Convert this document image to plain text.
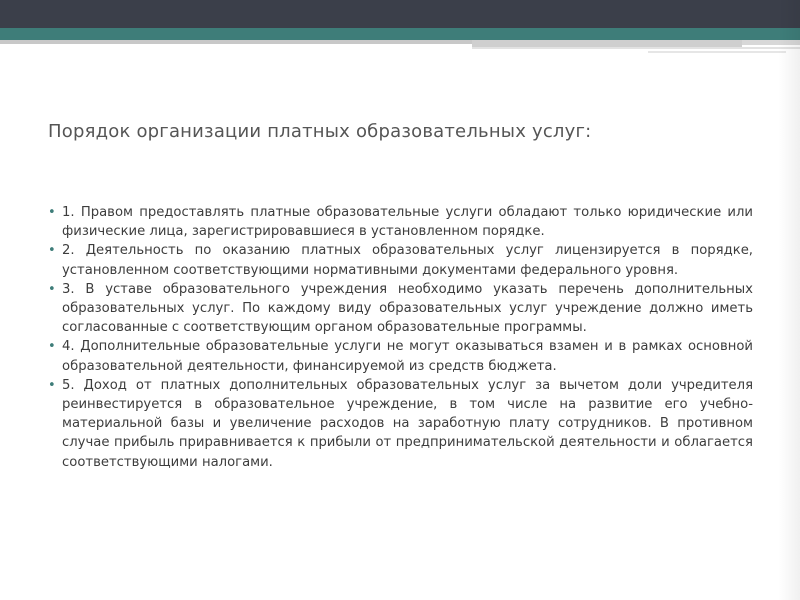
Порядок организации платных образовательных услуг:
• 1. Правом предоставлять платные образовательные услуги обладают только юридические или физические лица, зарегистрировавшиеся в установленном порядке.
• 2. Деятельность по оказанию платных образовательных услуг лицензируется в порядке, установленном соответствующими нормативными документами федерального уровня.
• 3. В уставе образовательного учреждения необходимо указать перечень дополнительных образовательных услуг. По каждому виду образовательных услуг учреждение должно иметь согласованные с соответствующим органом образовательные программы.
• 4. Дополнительные образовательные услуги не могут оказываться взамен и в рамках основной образовательной деятельности, финансируемой из средств бюджета.
• 5. Доход от платных дополнительных образовательных услуг за вычетом доли учредителя реинвестируется в образовательное учреждение, в том числе на развитие его учебно-материальной базы и увеличение расходов на заработную плату сотрудников. В противном случае прибыль приравнивается к прибыли от предпринимательской деятельности и облагается соответствующими налогами.
